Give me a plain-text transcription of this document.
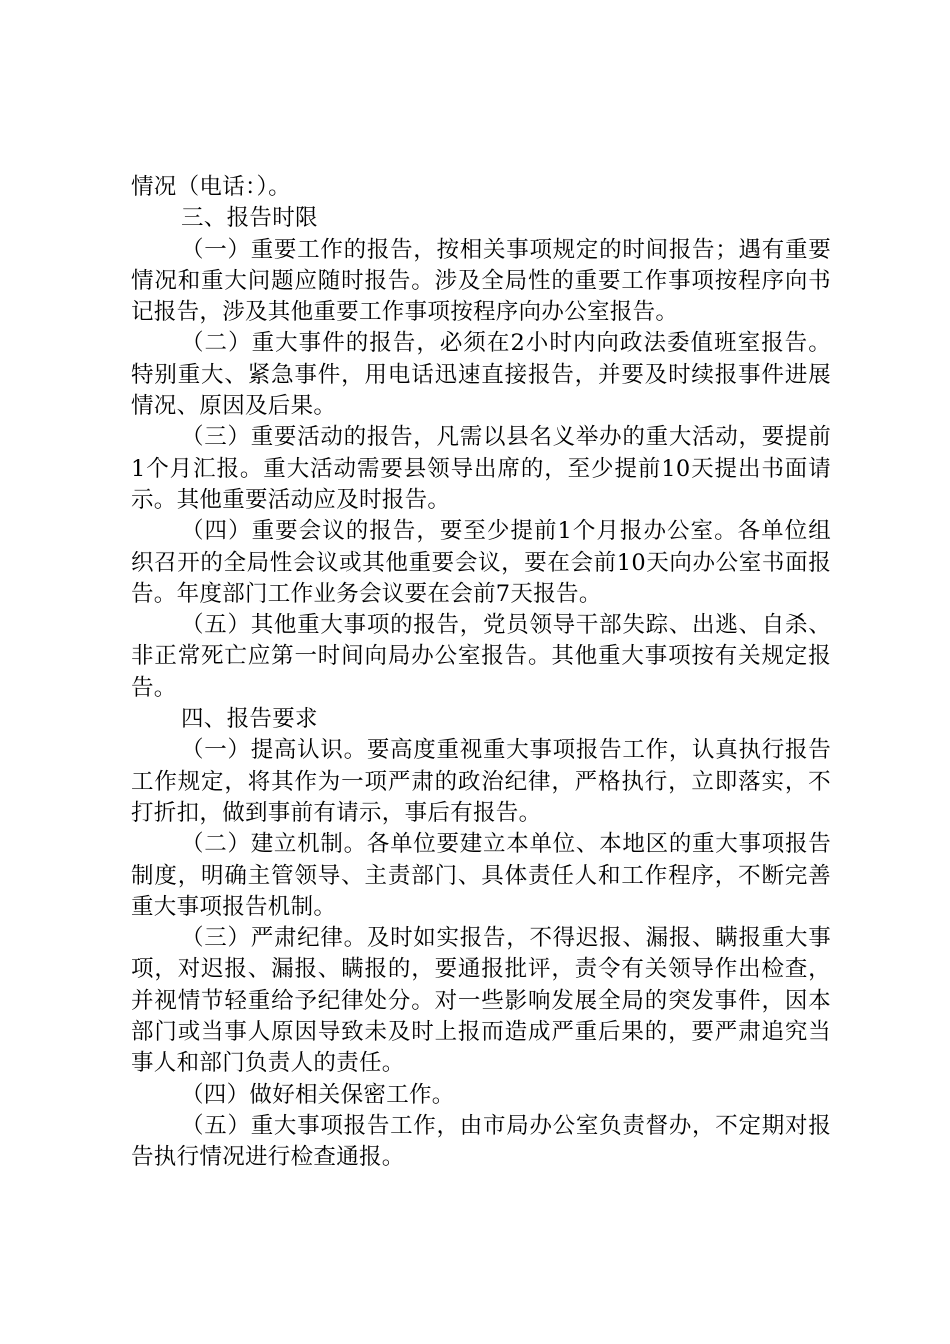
情况（电话：）。

三、报告时限

（一）重要工作的报告，按相关事项规定的时间报告；遇有重要情况和重大问题应随时报告。涉及全局性的重要工作事项按程序向书记报告，涉及其他重要工作事项按程序向办公室报告。

（二）重大事件的报告，必须在2小时内向政法委值班室报告。特别重大、紧急事件，用电话迅速直接报告，并要及时续报事件进展情况、原因及后果。

（三）重要活动的报告，凡需以县名义举办的重大活动，要提前1个月汇报。重大活动需要县领导出席的，至少提前10天提出书面请示。其他重要活动应及时报告。

（四）重要会议的报告，要至少提前1个月报办公室。各单位组织召开的全局性会议或其他重要会议，要在会前10天向办公室书面报告。年度部门工作业务会议要在会前7天报告。

（五）其他重大事项的报告，党员领导干部失踪、出逃、自杀、非正常死亡应第一时间向局办公室报告。其他重大事项按有关规定报告。

四、报告要求

（一）提高认识。要高度重视重大事项报告工作，认真执行报告工作规定，将其作为一项严肃的政治纪律，严格执行，立即落实，不打折扣，做到事前有请示，事后有报告。

（二）建立机制。各单位要建立本单位、本地区的重大事项报告制度，明确主管领导、主责部门、具体责任人和工作程序，不断完善重大事项报告机制。

（三）严肃纪律。及时如实报告，不得迟报、漏报、瞒报重大事项，对迟报、漏报、瞒报的，要通报批评，责令有关领导作出检查，并视情节轻重给予纪律处分。对一些影响发展全局的突发事件，因本部门或当事人原因导致未及时上报而造成严重后果的，要严肃追究当事人和部门负责人的责任。

（四）做好相关保密工作。

（五）重大事项报告工作，由市局办公室负责督办，不定期对报告执行情况进行检查通报。
